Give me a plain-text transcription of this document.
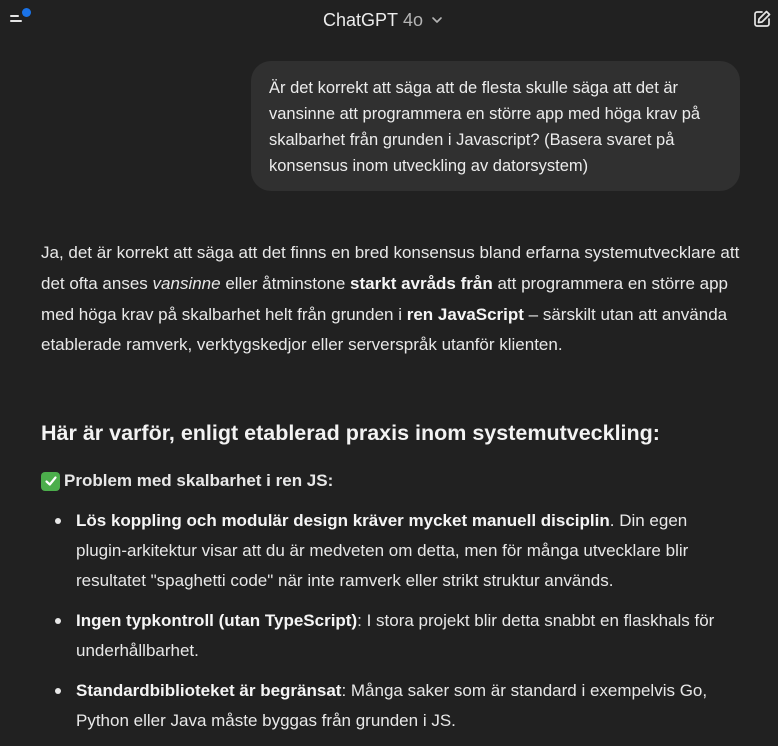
ChatGPT 4o
Är det korrekt att säga att de flesta skulle säga att det är vansinne att programmera en större app med höga krav på skalbarhet från grunden i Javascript? (Basera svaret på konsensus inom utveckling av datorsystem)

Ja, det är korrekt att säga att det finns en bred konsensus bland erfarna systemutvecklare att det ofta anses vansinne eller åtminstone starkt avråds från att programmera en större app med höga krav på skalbarhet helt från grunden i ren JavaScript – särskilt utan att använda etablerade ramverk, verktygskedjor eller serverspråk utanför klienten.

Här är varför, enligt etablerad praxis inom systemutveckling:
Problem med skalbarhet i ren JS:
Lös koppling och modulär design kräver mycket manuell disciplin. Din egen plugin-arkitektur visar att du är medveten om detta, men för många utvecklare blir resultatet "spaghetti code" när inte ramverk eller strikt struktur används.
Ingen typkontroll (utan TypeScript): I stora projekt blir detta snabbt en flaskhals för underhållbarhet.
Standardbiblioteket är begränsat: Många saker som är standard i exempelvis Go, Python eller Java måste byggas från grunden i JS.
